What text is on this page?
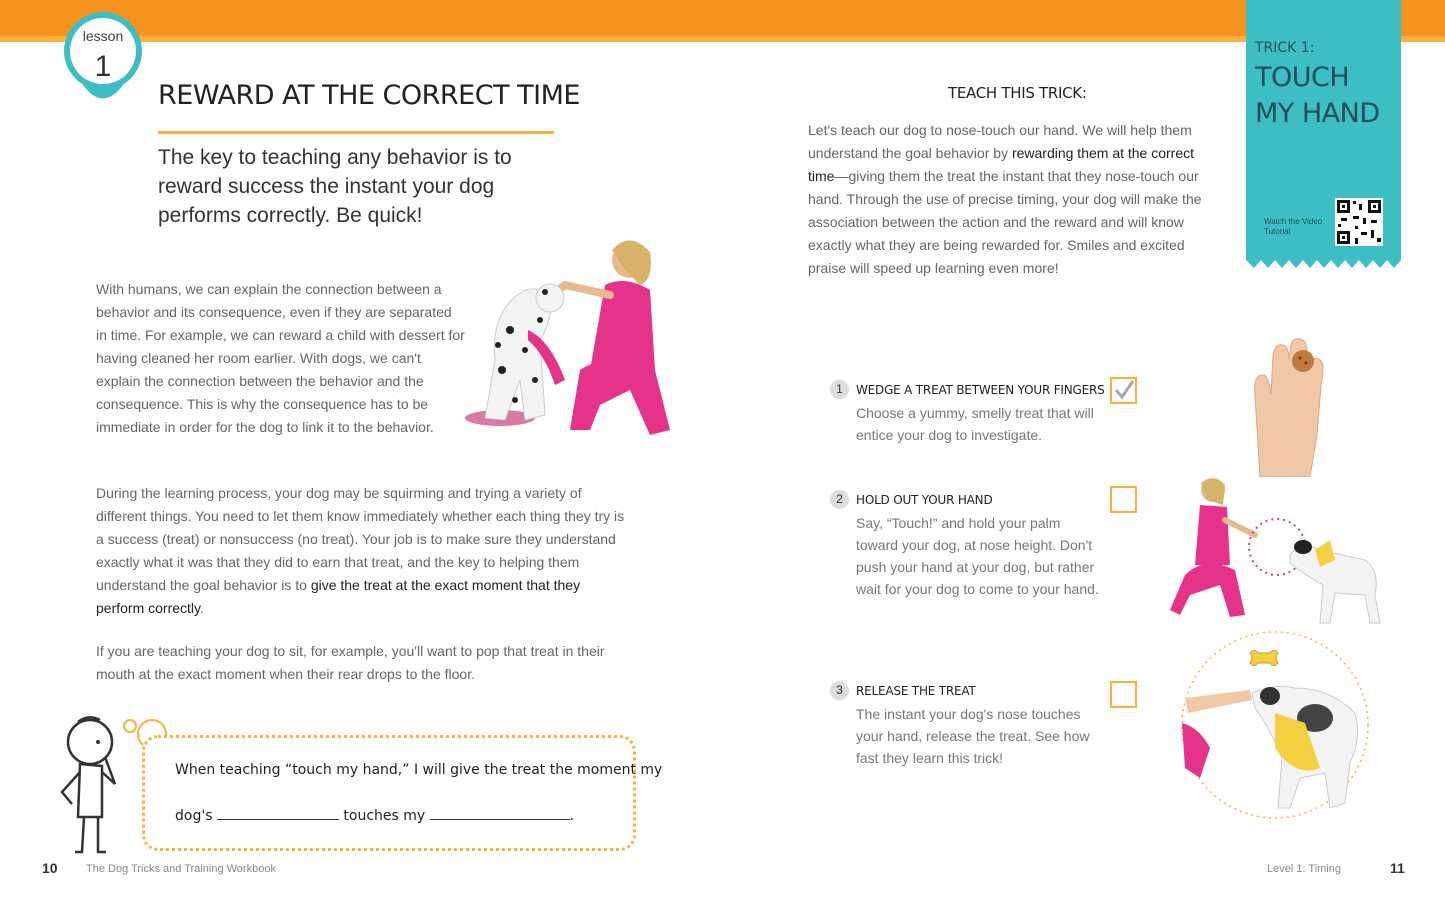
lesson
1
REWARD AT THE CORRECT TIME

The key to teaching any behavior is to reward success the instant your dog performs correctly. Be quick!

With humans, we can explain the connection between a behavior and its consequence, even if they are separated in time. For example, we can reward a child with dessert for having cleaned her room earlier. With dogs, we can't explain the connection between the behavior and the consequence. This is why the consequence has to be immediate in order for the dog to link it to the behavior.

During the learning process, your dog may be squirming and trying a variety of different things. You need to let them know immediately whether each thing they try is a success (treat) or nonsuccess (no treat). Your job is to make sure they understand exactly what it was that they did to earn that treat, and the key to helping them understand the goal behavior is to give the treat at the exact moment that they perform correctly.

If you are teaching your dog to sit, for example, you'll want to pop that treat in their mouth at the exact moment when their rear drops to the floor.

When teaching “touch my hand,” I will give the treat the moment my
dog's	touches my	.
10	The Dog Tricks and Training Workbook
TEACH THIS TRICK:

Let's teach our dog to nose-touch our hand. We will help them understand the goal behavior by rewarding them at the correct time—giving them the treat the instant that they nose-touch our hand. Through the use of precise timing, your dog will make the association between the action and the reward and will know exactly what they are being rewarded for. Smiles and excited praise will speed up learning even more!

TRICK 1:
TOUCH MY HAND
Watch the Video Tutorial
1	WEDGE A TREAT BETWEEN YOUR FINGERS
Choose a yummy, smelly treat that will entice your dog to investigate.
2	HOLD OUT YOUR HAND
Say, “Touch!” and hold your palm toward your dog, at nose height. Don't push your hand at your dog, but rather wait for your dog to come to your hand.
3	RELEASE THE TREAT
The instant your dog's nose touches your hand, release the treat. See how fast they learn this trick!
Level 1: Timing	11
